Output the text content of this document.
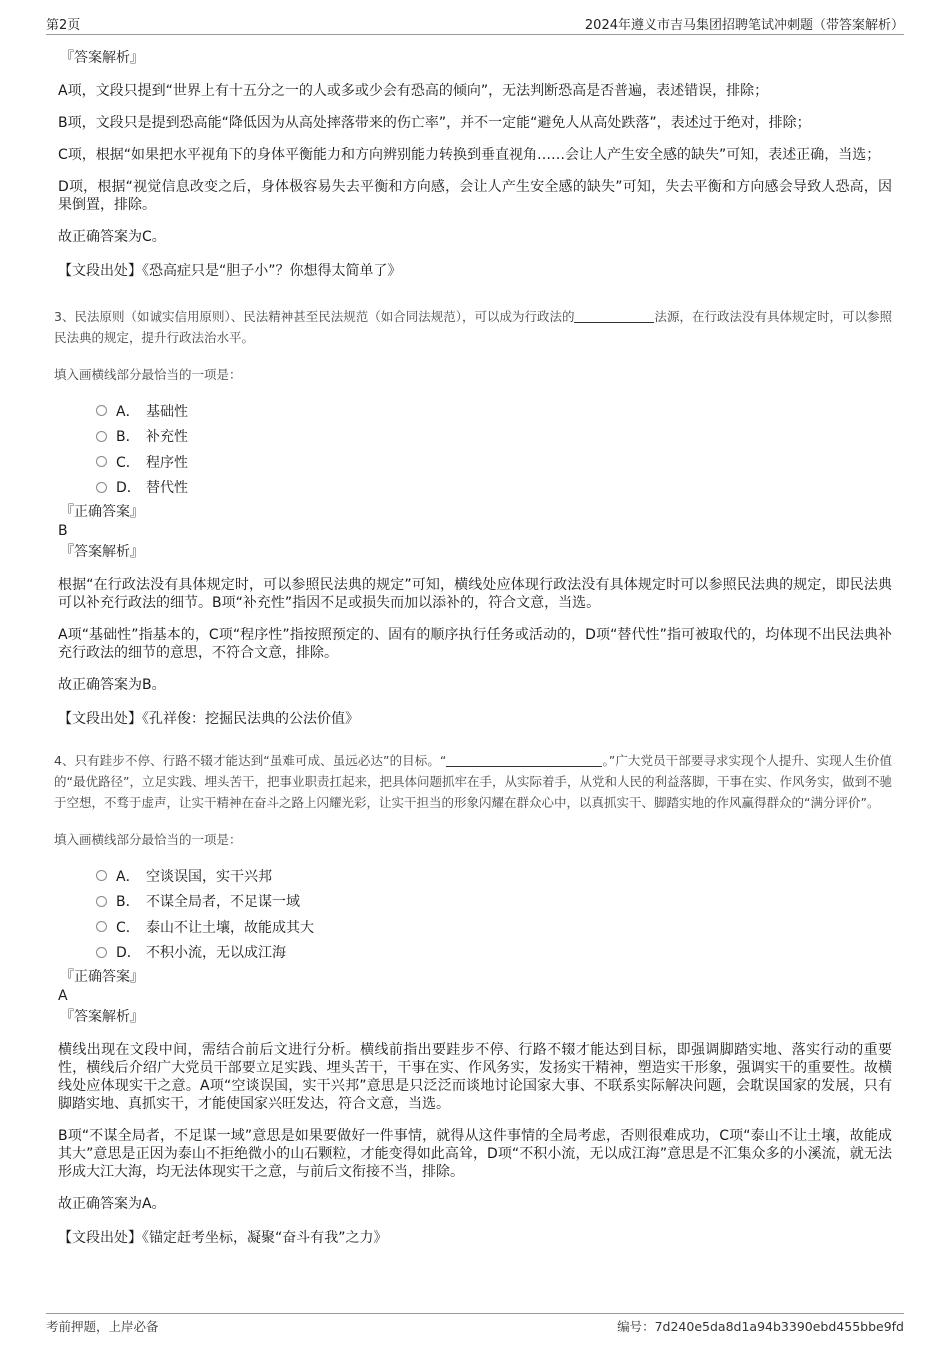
第2页	2024年遵义市吉马集团招聘笔试冲刺题（带答案解析）
『答案解析』

A项，文段只提到“世界上有十五分之一的人或多或少会有恐高的倾向”，无法判断恐高是否普遍，表述错误，排除；

B项，文段只是提到恐高能“降低因为从高处摔落带来的伤亡率”，并不一定能“避免人从高处跌落”，表述过于绝对，排除；

C项，根据“如果把水平视角下的身体平衡能力和方向辨别能力转换到垂直视角……会让人产生安全感的缺失”可知，表述正确，当选；

D项，根据“视觉信息改变之后，身体极容易失去平衡和方向感，会让人产生安全感的缺失”可知，失去平衡和方向感会导致人恐高，因果倒置，排除。

故正确答案为C。

【文段出处】《恐高症只是“胆子小”？你想得太简单了》

3、民法原则（如诚实信用原则）、民法精神甚至民法规范（如合同法规范），可以成为行政法的	法源，在行政法没有具体规定时，可以参照民法典的规定，提升行政法治水平。

填入画横线部分最恰当的一项是：

A． 基础性
B． 补充性
C． 程序性
D． 替代性
『正确答案』
B
『答案解析』

根据“在行政法没有具体规定时，可以参照民法典的规定”可知，横线处应体现行政法没有具体规定时可以参照民法典的规定，即民法典可以补充行政法的细节。B项“补充性”指因不足或损失而加以添补的，符合文意，当选。

A项“基础性”指基本的，C项“程序性”指按照预定的、固有的顺序执行任务或活动的，D项“替代性”指可被取代的，均体现不出民法典补充行政法的细节的意思，不符合文意，排除。

故正确答案为B。

【文段出处】《孔祥俊：挖掘民法典的公法价值》

4、只有跬步不停、行路不辍才能达到“虽难可成、虽远必达”的目标。“	。”广大党员干部要寻求实现个人提升、实现人生价值的“最优路径”，立足实践、埋头苦干，把事业职责扛起来，把具体问题抓牢在手，从实际着手，从党和人民的利益落脚，干事在实、作风务实，做到不驰于空想，不骛于虚声，让实干精神在奋斗之路上闪耀光彩，让实干担当的形象闪耀在群众心中，以真抓实干、脚踏实地的作风赢得群众的“满分评价”。

填入画横线部分最恰当的一项是：

A． 空谈误国，实干兴邦
B． 不谋全局者，不足谋一域
C． 泰山不让土壤，故能成其大
D． 不积小流，无以成江海
『正确答案』
A
『答案解析』

横线出现在文段中间，需结合前后文进行分析。横线前指出要跬步不停、行路不辍才能达到目标，即强调脚踏实地、落实行动的重要性，横线后介绍广大党员干部要立足实践、埋头苦干，干事在实、作风务实，发扬实干精神，塑造实干形象，强调实干的重要性。故横线处应体现实干之意。A项“空谈误国，实干兴邦”意思是只泛泛而谈地讨论国家大事、不联系实际解决问题，会耽误国家的发展，只有脚踏实地、真抓实干，才能使国家兴旺发达，符合文意，当选。

B项“不谋全局者，不足谋一域”意思是如果要做好一件事情，就得从这件事情的全局考虑，否则很难成功，C项“泰山不让土壤，故能成其大”意思是正因为泰山不拒绝微小的山石颗粒，才能变得如此高耸，D项“不积小流，无以成江海”意思是不汇集众多的小溪流，就无法形成大江大海，均无法体现实干之意，与前后文衔接不当，排除。

故正确答案为A。

【文段出处】《锚定赶考坐标，凝聚“奋斗有我”之力》

考前押题，上岸必备	编号：7d240e5da8d1a94b3390ebd455bbe9fd
